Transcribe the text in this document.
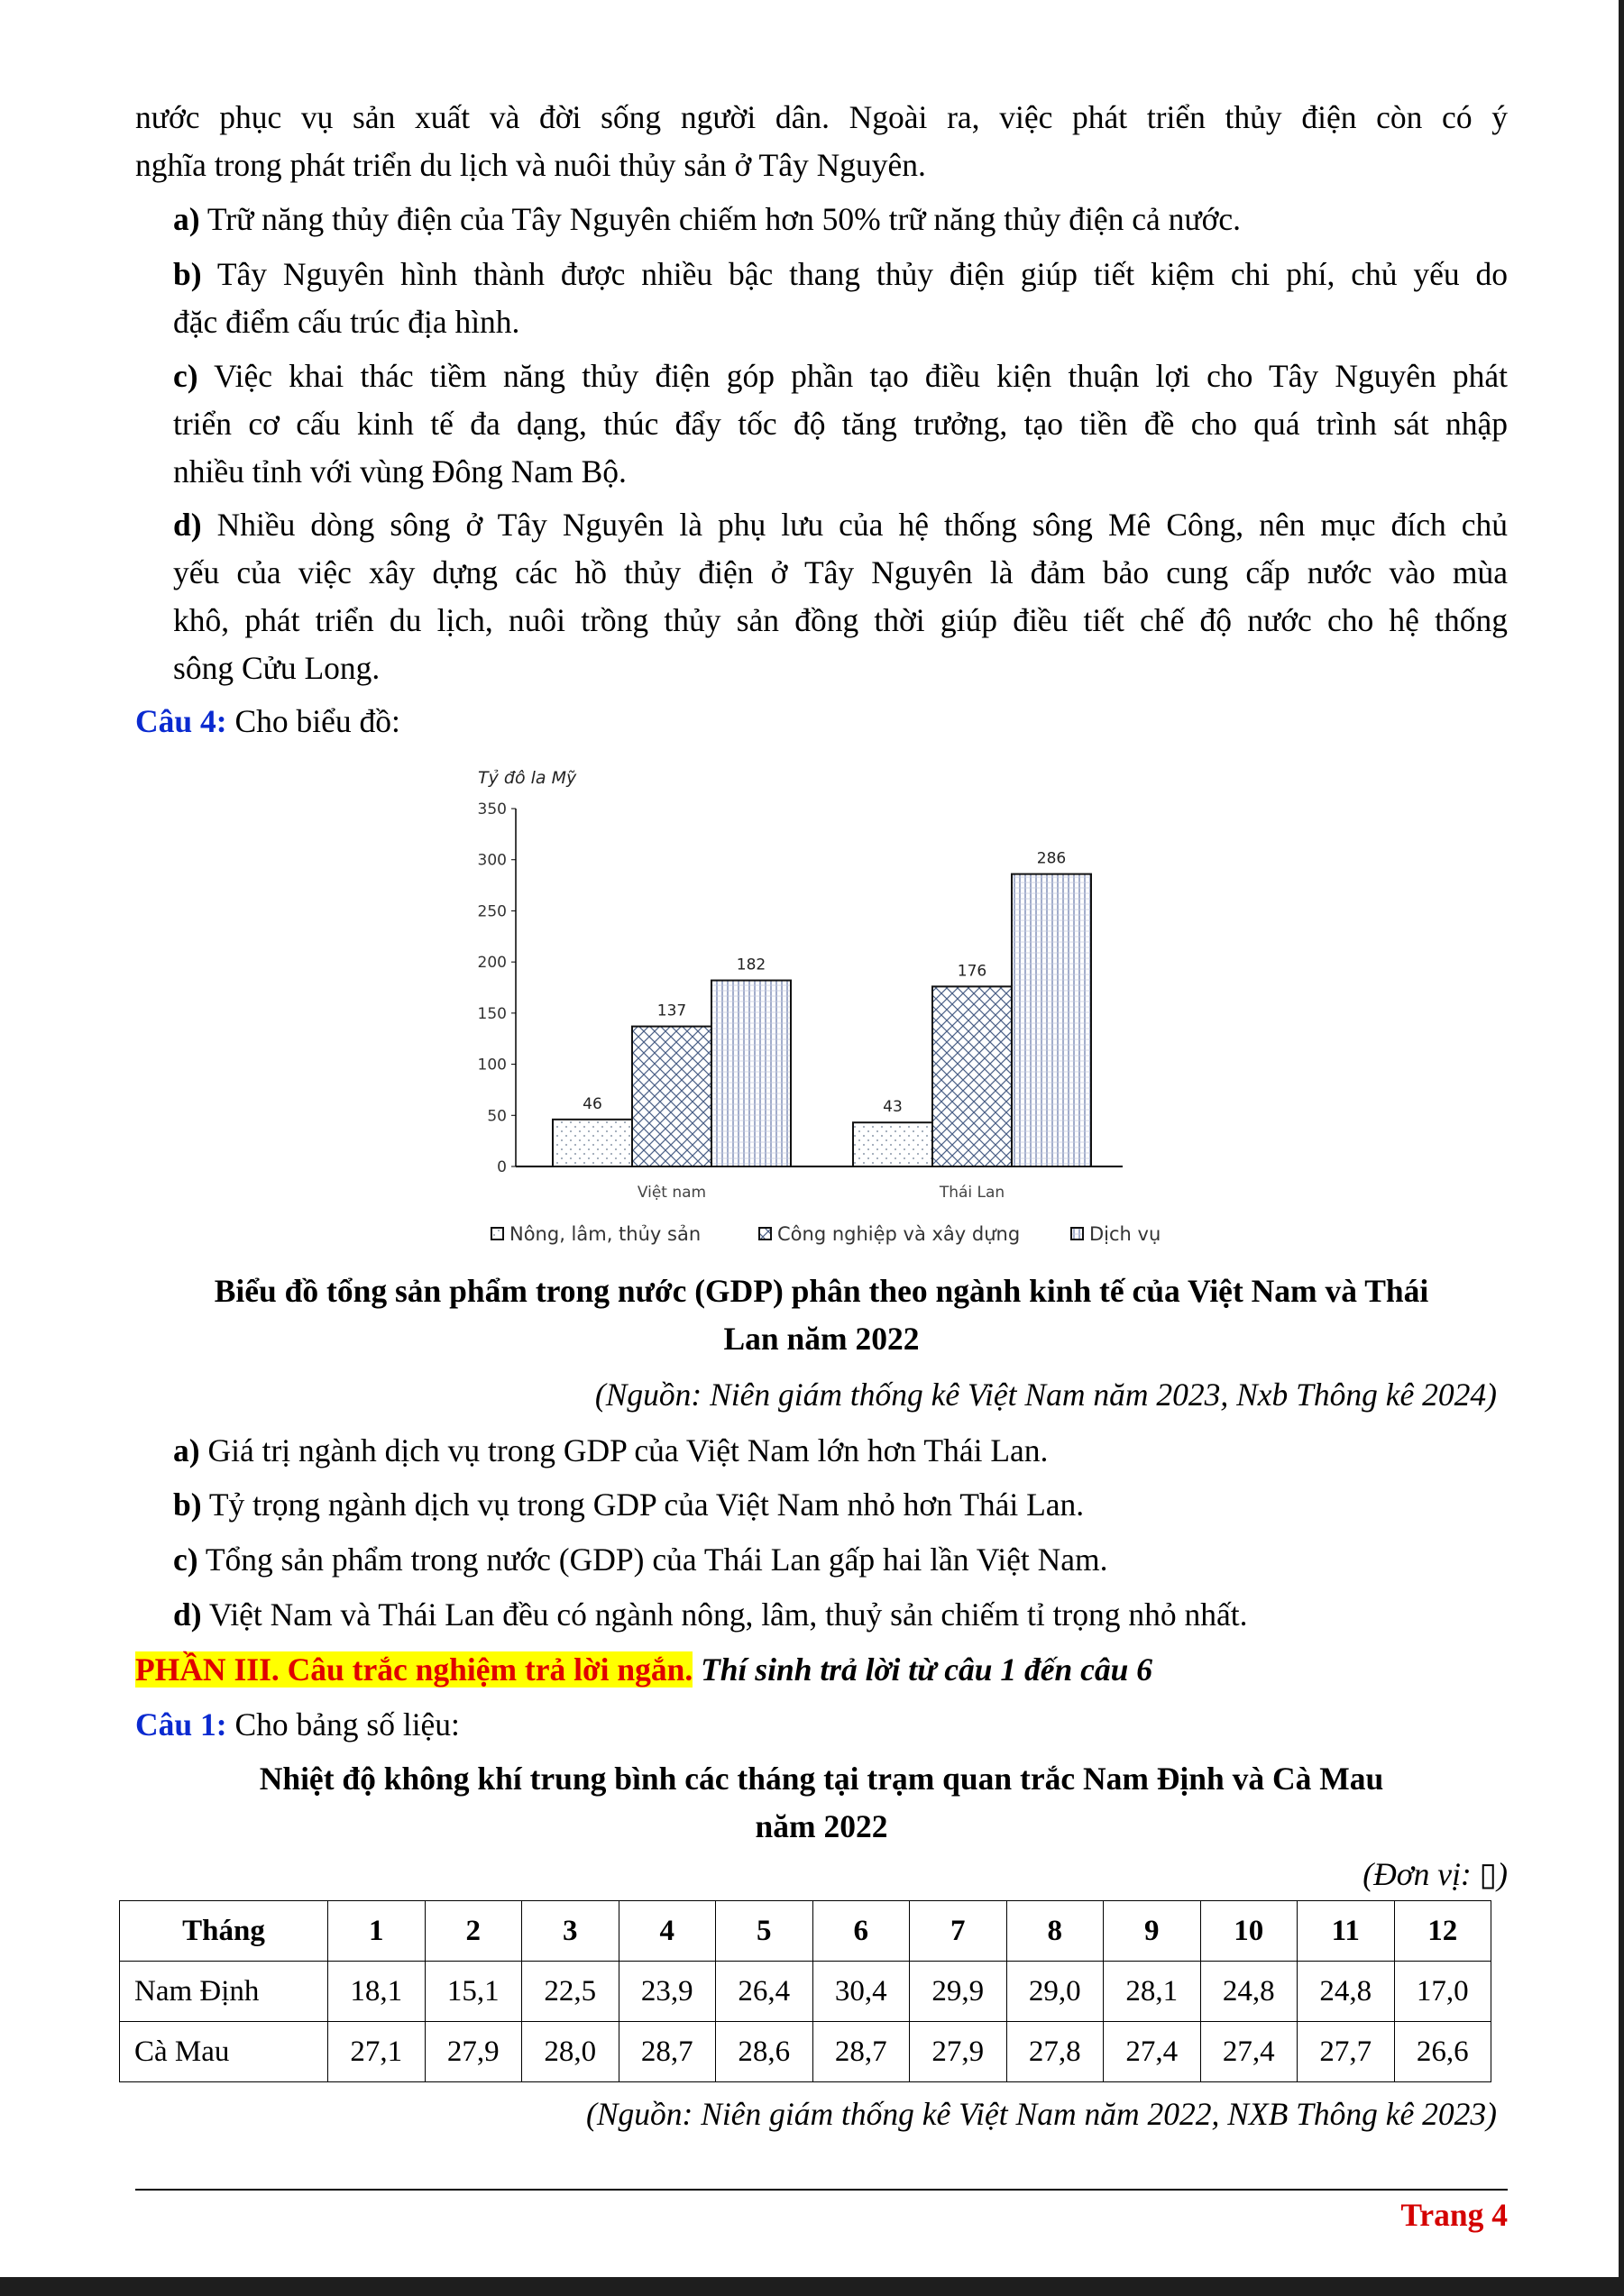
nước phục vụ sản xuất và đời sống người dân. Ngoài ra, việc phát triển thủy điện còn có ý
nghĩa trong phát triển du lịch và nuôi thủy sản ở Tây Nguyên.
a) Trữ năng thủy điện của Tây Nguyên chiếm hơn 50% trữ năng thủy điện cả nước.
b) Tây Nguyên hình thành được nhiều bậc thang thủy điện giúp tiết kiệm chi phí, chủ yếu do
đặc điểm cấu trúc địa hình.
c) Việc khai thác tiềm năng thủy điện góp phần tạo điều kiện thuận lợi cho Tây Nguyên phát
triển cơ cấu kinh tế đa dạng, thúc đẩy tốc độ tăng trưởng, tạo tiền đề cho quá trình sát nhập
nhiều tỉnh với vùng Đông Nam Bộ.
d) Nhiều dòng sông ở Tây Nguyên là phụ lưu của hệ thống sông Mê Công, nên mục đích chủ
yếu của việc xây dựng các hồ thủy điện ở Tây Nguyên là đảm bảo cung cấp nước vào mùa
khô, phát triển du lịch, nuôi trồng thủy sản đồng thời giúp điều tiết chế độ nước cho hệ thống
sông Cửu Long.
Câu 4: Cho biểu đồ:
Tỷ đô la Mỹ
0
50
100
150
200
250
300
350
46
137
182
43
176
286
Việt nam	Thái Lan
Nông, lâm, thủy sản	Công nghiệp và xây dựng	Dịch vụ
Biểu đồ tổng sản phẩm trong nước (GDP) phân theo ngành kinh tế của Việt Nam và Thái
Lan năm 2022
(Nguồn: Niên giám thống kê Việt Nam năm 2023, Nxb Thông kê 2024)
a) Giá trị ngành dịch vụ trong GDP của Việt Nam lớn hơn Thái Lan.
b) Tỷ trọng ngành dịch vụ trong GDP của Việt Nam nhỏ hơn Thái Lan.
c) Tổng sản phẩm trong nước (GDP) của Thái Lan gấp hai lần Việt Nam.
d) Việt Nam và Thái Lan đều có ngành nông, lâm, thuỷ sản chiếm tỉ trọng nhỏ nhất.
PHẦN III. Câu trắc nghiệm trả lời ngắn. Thí sinh trả lời từ câu 1 đến câu 6
Câu 1: Cho bảng số liệu:
Nhiệt độ không khí trung bình các tháng tại trạm quan trắc Nam Định và Cà Mau
năm 2022
(Đơn vị: ▯)
Tháng	1	2	3	4	5	6	7	8	9	10	11	12
Nam Định	18,1	15,1	22,5	23,9	26,4	30,4	29,9	29,0	28,1	24,8	24,8	17,0
Cà Mau	27,1	27,9	28,0	28,7	28,6	28,7	27,9	27,8	27,4	27,4	27,7	26,6
(Nguồn: Niên giám thống kê Việt Nam năm 2022, NXB Thông kê 2023)
Trang 4
